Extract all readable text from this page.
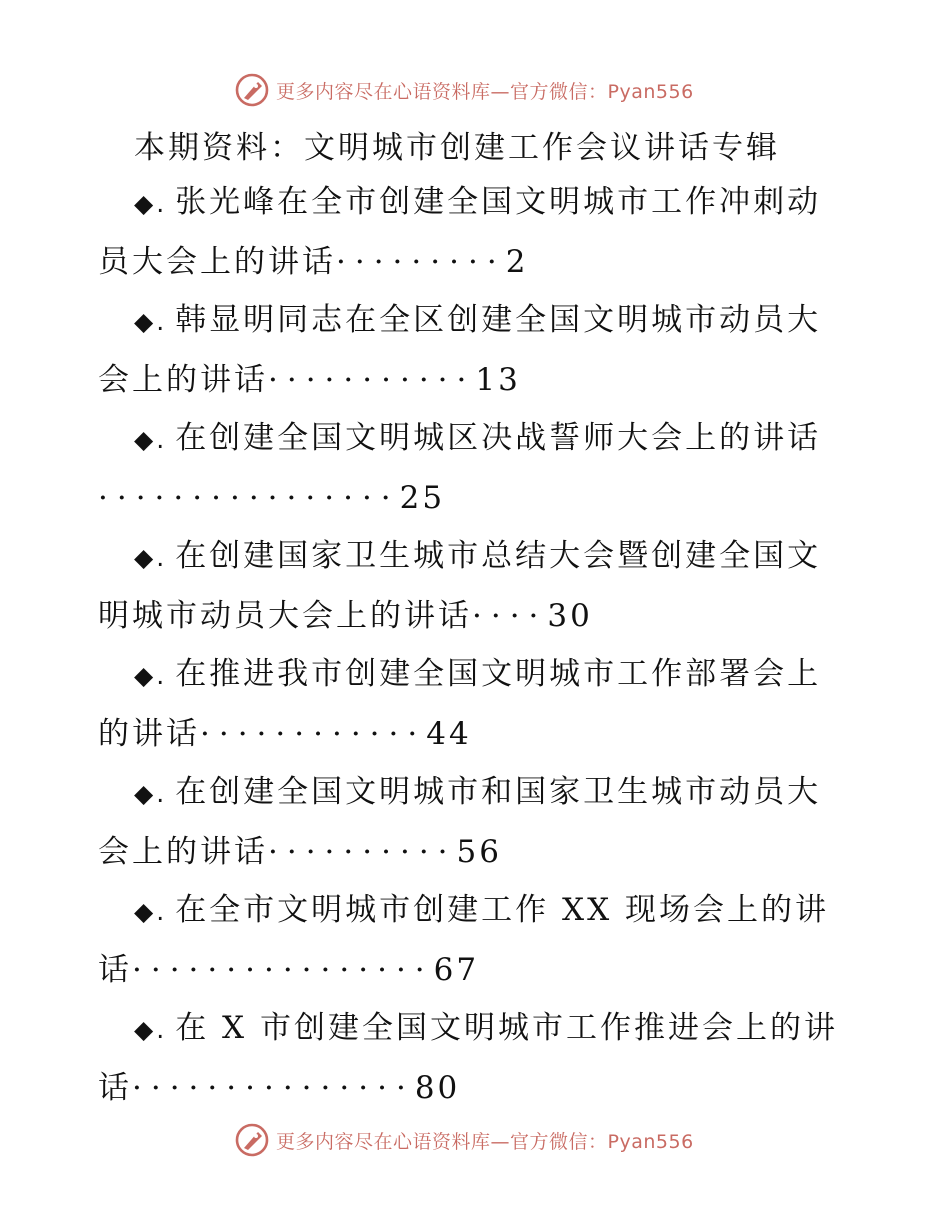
更多内容尽在心语资料库—官方微信：Pyan556
本期资料：文明城市创建工作会议讲话专辑
◆. 张光峰在全市创建全国文明城市工作冲刺动
员大会上的讲话·········2
◆. 韩显明同志在全区创建全国文明城市动员大
会上的讲话···········13
◆. 在创建全国文明城区决战誓师大会上的讲话
················25
◆. 在创建国家卫生城市总结大会暨创建全国文
明城市动员大会上的讲话····30
◆. 在推进我市创建全国文明城市工作部署会上
的讲话············44
◆. 在创建全国文明城市和国家卫生城市动员大
会上的讲话··········56
◆. 在全市文明城市创建工作 XX 现场会上的讲
话················67
◆. 在 X 市创建全国文明城市工作推进会上的讲
话···············80
更多内容尽在心语资料库—官方微信：Pyan556
